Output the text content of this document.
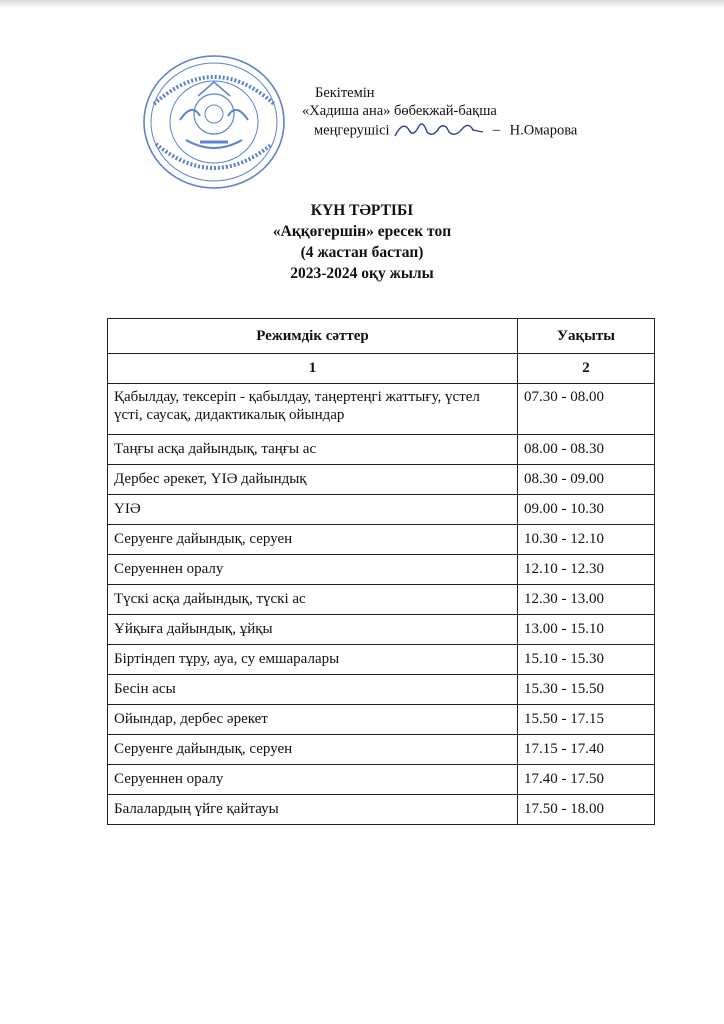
Бекітемін
«Хадиша ана» бөбекжай-бақша
меңгерушісі	– Н.Омарова
КҮН ТӘРТІБІ
«Аққөгершін» ересек топ
(4 жастан бастап)
2023-2024 оқу жылы
Режимдік сәттер	Уақыты
1	2
Қабылдау, тексеріп - қабылдау, таңертеңгі жаттығу, үстел үсті, саусақ, дидактикалық ойындар	07.30 - 08.00
Таңғы асқа дайындық, таңғы ас	08.00 - 08.30
Дербес әрекет, ҮІӘ дайындық	08.30 - 09.00
ҮІӘ	09.00 - 10.30
Серуенге дайындық, серуен	10.30 - 12.10
Серуеннен оралу	12.10 - 12.30
Түскі асқа дайындық, түскі ас	12.30 - 13.00
Ұйқыға дайындық, ұйқы	13.00 - 15.10
Біртіндеп тұру, ауа, су емшаралары	15.10 - 15.30
Бесін асы	15.30 - 15.50
Ойындар, дербес әрекет	15.50 - 17.15
Серуенге дайындық, серуен	17.15 - 17.40
Серуеннен оралу	17.40 - 17.50
Балалардың үйге қайтауы	17.50 - 18.00
